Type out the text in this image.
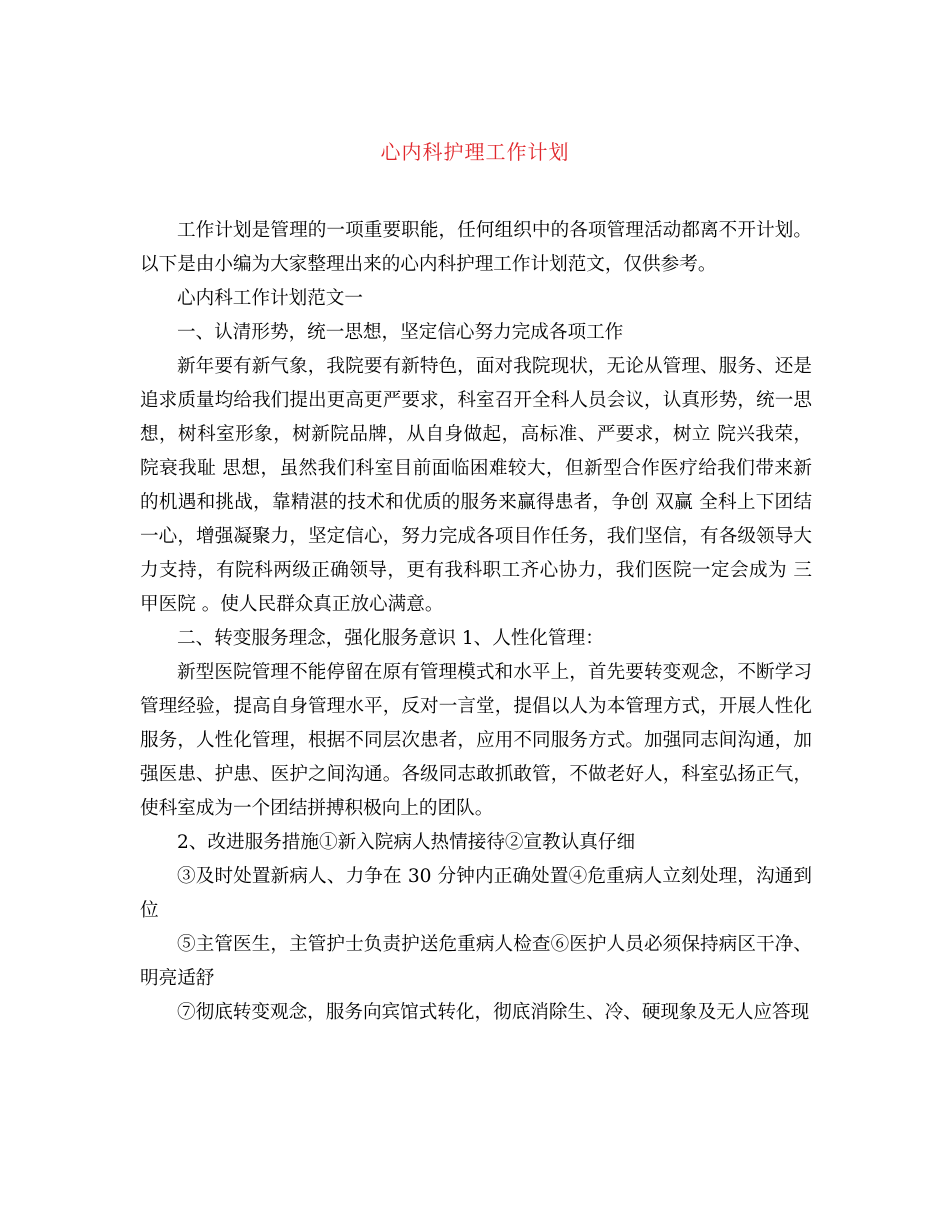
心内科护理工作计划

工作计划是管理的一项重要职能，任何组织中的各项管理活动都离不开计划。以下是由小编为大家整理出来的心内科护理工作计划范文，仅供参考。

心内科工作计划范文一

一、认清形势，统一思想，坚定信心努力完成各项工作

新年要有新气象，我院要有新特色，面对我院现状，无论从管理、服务、还是追求质量均给我们提出更高更严要求，科室召开全科人员会议，认真形势，统一思想，树科室形象，树新院品牌，从自身做起，高标准、严要求，树立 院兴我荣，院衰我耻 思想，虽然我们科室目前面临困难较大，但新型合作医疗给我们带来新的机遇和挑战，靠精湛的技术和优质的服务来赢得患者，争创 双赢 全科上下团结一心，增强凝聚力，坚定信心，努力完成各项目作任务，我们坚信，有各级领导大力支持，有院科两级正确领导，更有我科职工齐心协力，我们医院一定会成为 三甲医院 。使人民群众真正放心满意。

二、转变服务理念，强化服务意识 1、人性化管理：

新型医院管理不能停留在原有管理模式和水平上，首先要转变观念，不断学习管理经验，提高自身管理水平，反对一言堂，提倡以人为本管理方式，开展人性化服务，人性化管理，根据不同层次患者，应用不同服务方式。加强同志间沟通，加强医患、护患、医护之间沟通。各级同志敢抓敢管，不做老好人，科室弘扬正气，使科室成为一个团结拼搏积极向上的团队。

2、改进服务措施①新入院病人热情接待②宣教认真仔细

③及时处置新病人、力争在 30 分钟内正确处置④危重病人立刻处理，沟通到位

⑤主管医生，主管护士负责护送危重病人检查⑥医护人员必须保持病区干净、明亮适舒

⑦彻底转变观念，服务向宾馆式转化，彻底消除生、冷、硬现象及无人应答现
